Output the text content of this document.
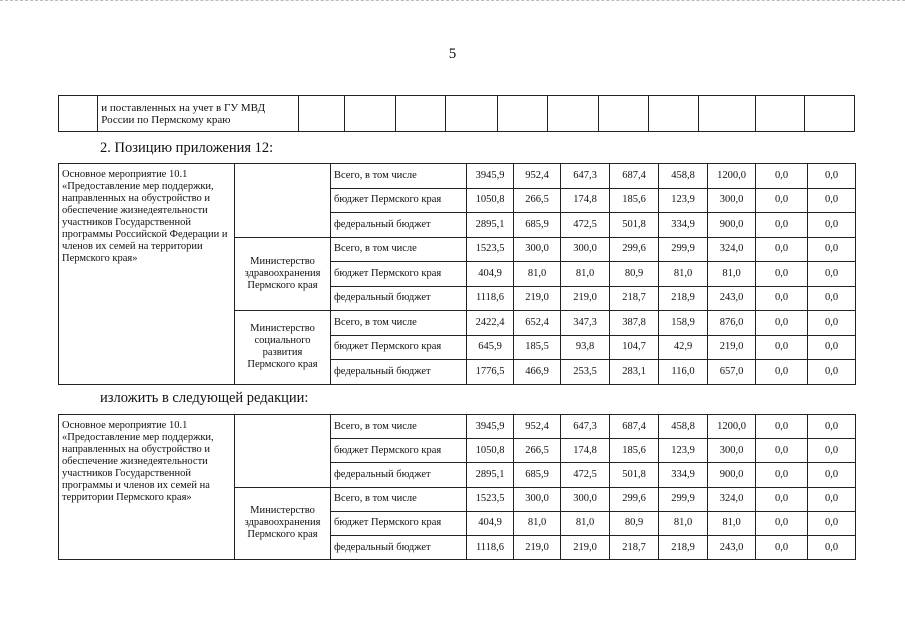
5
	и поставленных на учет в ГУ МВД России по Пермскому краю											
2. Позицию приложения 12:
Основное мероприятие 10.1 «Предоставление мер поддержки, направленных на обустройство и обеспечение жизнедеятельности участников Государственной программы Российской Федерации и членов их семей на территории Пермского края»		Всего, в том числе	3945,9	952,4	647,3	687,4	458,8	1200,0	0,0	0,0
		бюджет Пермского края	1050,8	266,5	174,8	185,6	123,9	300,0	0,0	0,0
		федеральный бюджет	2895,1	685,9	472,5	501,8	334,9	900,0	0,0	0,0
	Министерство здравоохранения Пермского края	Всего, в том числе	1523,5	300,0	300,0	299,6	299,9	324,0	0,0	0,0
		бюджет Пермского края	404,9	81,0	81,0	80,9	81,0	81,0	0,0	0,0
		федеральный бюджет	1118,6	219,0	219,0	218,7	218,9	243,0	0,0	0,0
	Министерство социального развития Пермского края	Всего, в том числе	2422,4	652,4	347,3	387,8	158,9	876,0	0,0	0,0
		бюджет Пермского края	645,9	185,5	93,8	104,7	42,9	219,0	0,0	0,0
		федеральный бюджет	1776,5	466,9	253,5	283,1	116,0	657,0	0,0	0,0
изложить в следующей редакции:
Основное мероприятие 10.1 «Предоставление мер поддержки, направленных на обустройство и обеспечение жизнедеятельности участников Государственной программы и членов их семей на территории Пермского края»		Всего, в том числе	3945,9	952,4	647,3	687,4	458,8	1200,0	0,0	0,0
		бюджет Пермского края	1050,8	266,5	174,8	185,6	123,9	300,0	0,0	0,0
		федеральный бюджет	2895,1	685,9	472,5	501,8	334,9	900,0	0,0	0,0
	Министерство здравоохранения Пермского края	Всего, в том числе	1523,5	300,0	300,0	299,6	299,9	324,0	0,0	0,0
		бюджет Пермского края	404,9	81,0	81,0	80,9	81,0	81,0	0,0	0,0
		федеральный бюджет	1118,6	219,0	219,0	218,7	218,9	243,0	0,0	0,0
